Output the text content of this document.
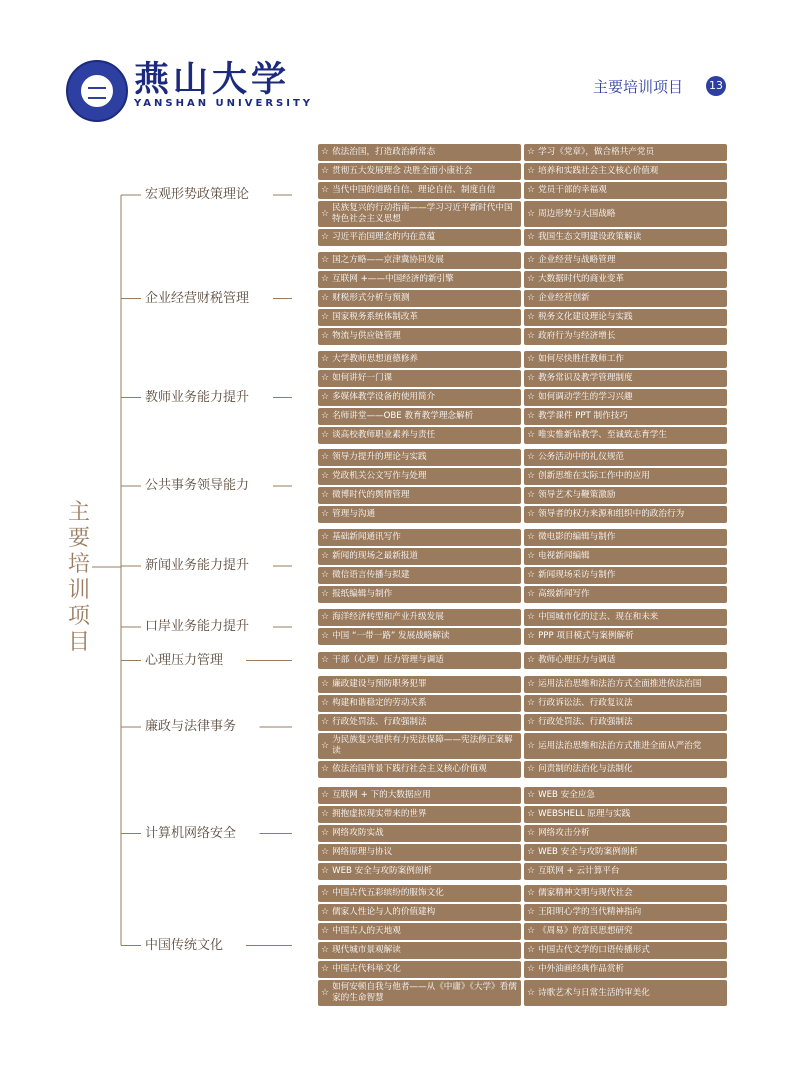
燕山大学
YANSHAN UNIVERSITY
主要培训项目 13
主要培训项目
宏观形势政策理论
☆ 依法治国，打造政治新常态
☆ 贯彻五大发展理念 决胜全面小康社会
☆ 当代中国的道路自信、理论自信、制度自信
☆
民族复兴的行动指南——学习习近平新时代中国特色社会主义思想
☆ 习近平治国理念的内在意蕴
☆ 学习《党章》，做合格共产党员
☆ 培养和实践社会主义核心价值观
☆ 党员干部的幸福观
☆ 周边形势与大国战略
☆ 我国生态文明建设政策解读
企业经营财税管理
☆ 国之方略——京津冀协同发展
☆ 互联网 +——中国经济的新引擎
☆ 财税形式分析与预测
☆ 国家税务系统体制改革
☆ 物流与供应链管理
☆ 企业经营与战略管理
☆ 大数据时代的商业变革
☆ 企业经营创新
☆ 税务文化建设理论与实践
☆ 政府行为与经济增长
教师业务能力提升
☆ 大学教师思想道德修养
☆ 如何讲好一门课
☆ 多媒体教学设备的使用简介
☆ 名师讲堂——OBE 教育教学理念解析
☆ 谈高校教师职业素养与责任
☆ 如何尽快胜任教师工作
☆ 教务常识及教学管理制度
☆ 如何调动学生的学习兴趣
☆ 教学课件 PPT 制作技巧
☆ 唯实惟新钻教学、至诚致志育学生
公共事务领导能力
☆ 领导力提升的理论与实践
☆ 党政机关公文写作与处理
☆ 微博时代的舆情管理
☆ 管理与沟通
☆ 公务活动中的礼仪规范
☆ 创新思维在实际工作中的应用
☆ 领导艺术与鞭策激励
☆ 领导者的权力来源和组织中的政治行为
新闻业务能力提升
☆ 基础新闻通讯写作
☆ 新闻的现场之最新报道
☆ 微信语言传播与拟建
☆ 报纸编辑与制作
☆ 微电影的编辑与制作
☆ 电视新闻编辑
☆ 新闻现场采访与制作
☆ 高级新闻写作
口岸业务能力提升
☆ 海洋经济转型和产业升级发展
☆ 中国 “一带一路” 发展战略解读
☆ 中国城市化的过去、现在和未来
☆ PPP 项目模式与案例解析
心理压力管理	☆ 干部（心理）压力管理与调适	☆ 教师心理压力与调适
廉政与法律事务
☆ 廉政建设与预防职务犯罪
☆ 构建和谐稳定的劳动关系
☆ 行政处罚法、行政强制法
☆
为民族复兴提供有力宪法保障——宪法修正案解读
☆ 依法治国背景下践行社会主义核心价值观
☆ 运用法治思维和法治方式全面推进依法治国
☆ 行政诉讼法、行政复议法
☆ 行政处罚法、行政强制法
☆ 运用法治思维和法治方式推进全面从严治党
☆ 问责制的法治化与法制化
计算机网络安全
☆ 互联网 + 下的大数据应用
☆ 拥抱虚拟现实带来的世界
☆ 网络攻防实战
☆ 网络原理与协议
☆ WEB 安全与攻防案例剖析
☆ WEB 安全应急
☆ WEBSHELL 原理与实践
☆ 网络攻击分析
☆ WEB 安全与攻防案例剖析
☆ 互联网 + 云计算平台
中国传统文化
☆ 中国古代五彩缤纷的服饰文化
☆ 儒家人性论与人的价值建构
☆ 中国古人的天地观
☆ 现代城市景观解读
☆ 中国古代科举文化
☆
如何安顿自我与他者——从《中庸》《大学》看儒家的生命智慧
☆ 儒家精神文明与现代社会
☆ 王阳明心学的当代精神指向
☆ 《周易》的富民思想研究
☆ 中国古代文学的口语传播形式
☆ 中外油画经典作品赏析
☆ 诗歌艺术与日常生活的审美化
